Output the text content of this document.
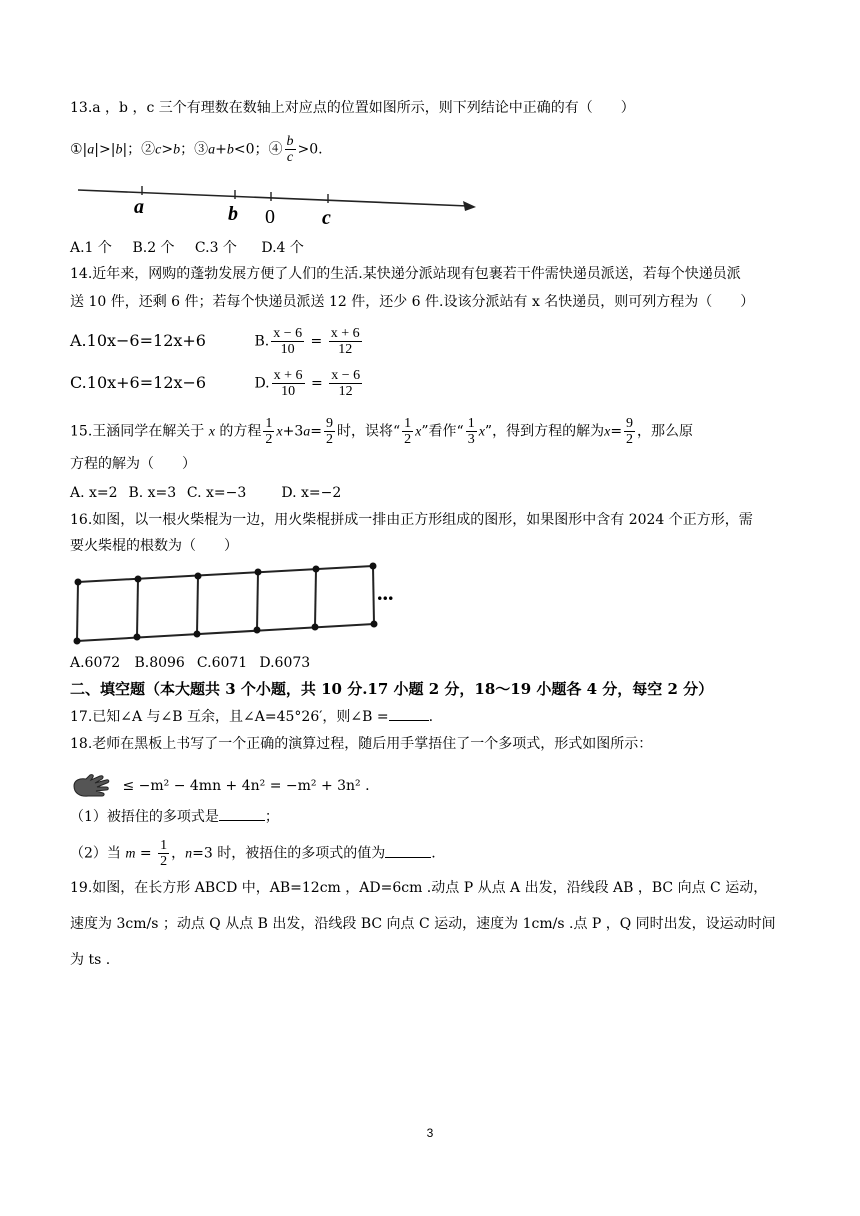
13.a ，b ，c 三个有理数在数轴上对应点的位置如图所示，则下列结论中正确的有（　　）
①|a|>|b|；②c>b；③a+b<0；④ $\frac{b}{c} >0$.
a	b 0 c
A.1 个 B.2 个 C.3 个 D.4 个
14.近年来，网购的蓬勃发展方便了人们的生活.某快递分派站现有包裹若干件需快递员派送，若每个快递员派
送 10 件，还剩 6 件；若每个快递员派送 12 件，还少 6 件.设该分派站有 x 名快递员，则可列方程为（　　）
A.10x−6=12x+6	B. $\frac{x - 6}{10} = \frac{x + 6}{12}$
C.10x+6=12x−6	D. $\frac{x + 6}{10} = \frac{x - 6}{12}$
15.王涵同学在解关于 x 的方程 $\frac{1}{2} x+3a= \frac{9}{2}$ 时，误将“ $\frac{1}{2} x$”看作“ $\frac{1}{3} x$”，得到方程的解为$x= \frac{9}{2}$ ，那么原
方程的解为（　　）
A. x=2 B. x=3 C. x=−3	D. x=−2
16.如图，以一根火柴棍为一边，用火柴棍拼成一排由正方形组成的图形，如果图形中含有 2024 个正方形，需
要火柴棍的根数为（　　）
...
A.6072 B.8096 C.6071 D.6073
二、填空题（本大题共 3 个小题，共 10 分.17 小题 2 分，18～19 小题各 4 分，每空 2 分）
17.已知∠A 与∠B 互余，且∠A=45°26′，则∠B =	.
18.老师在黑板上书写了一个正确的演算过程，随后用手掌捂住了一个多项式，形式如图所示：
≤ −m² − 4mn + 4n² = −m² + 3n² .
（1）被捂住的多项式是	；
（2）当 $m = \frac{1}{2}$ ，n=3 时，被捂住的多项式的值为	.
19.如图，在长方形 ABCD 中，AB=12cm ，AD=6cm .动点 P 从点 A 出发，沿线段 AB ，BC 向点 C 运动，
速度为 3cm/s ；动点 Q 从点 B 出发，沿线段 BC 向点 C 运动，速度为 1cm/s .点 P ，Q 同时出发，设运动时间
为 ts .
3
